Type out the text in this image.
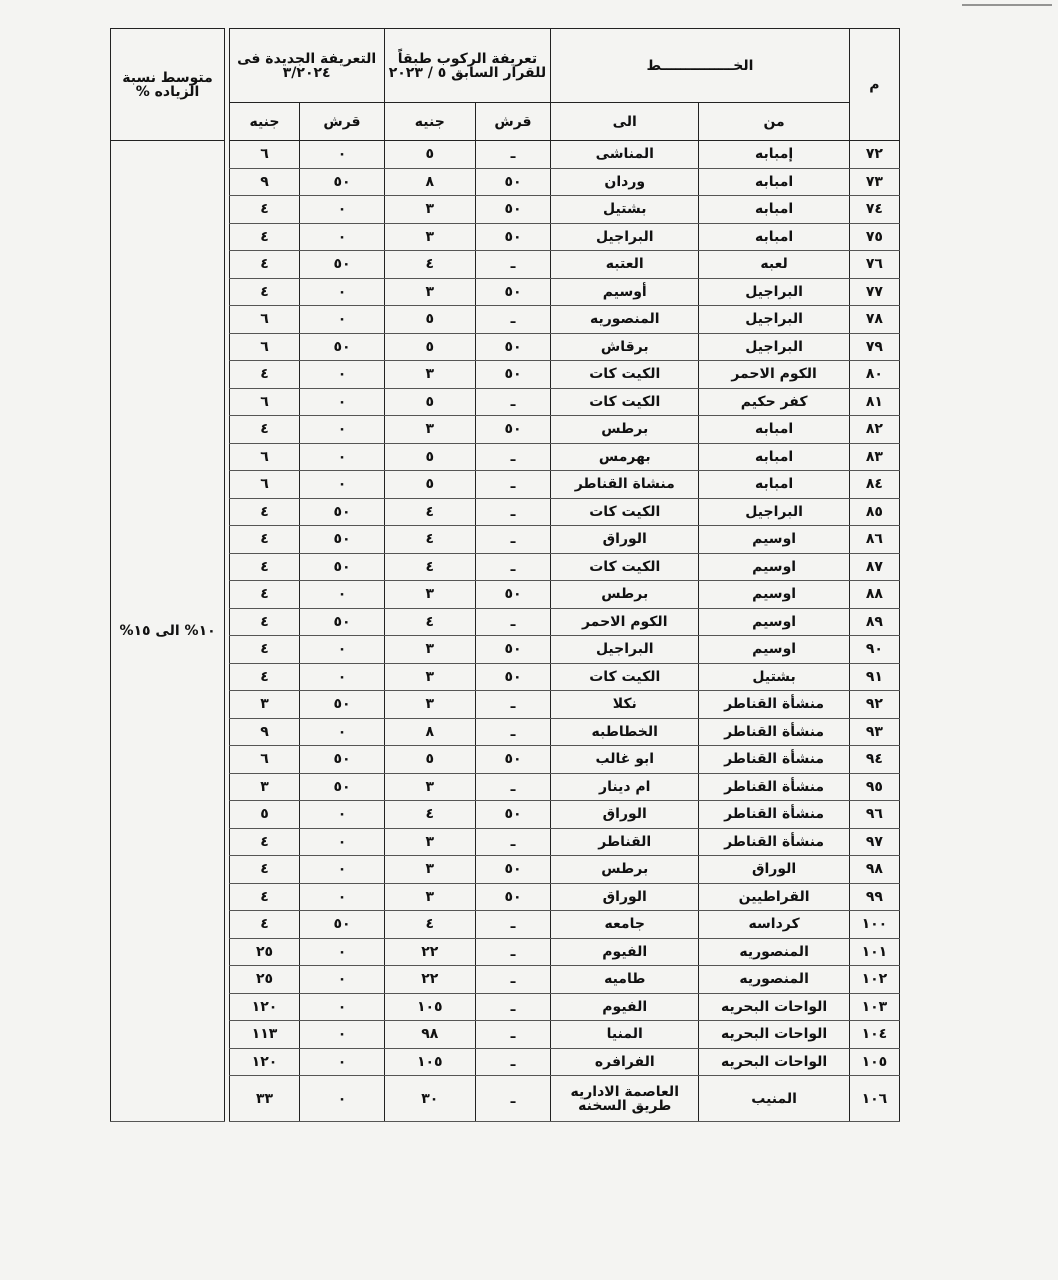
م	الخـــــــــــــــط		تعريفة الركوب طبقاً للقرار السابق ٥ / ٢٠٢٣		التعريفة الجديدة فى ٣/٢٠٢٤			متوسط نسبة الزياده %
	من	الى	قرش	جنيه	قرش	جنيه		
٧٢	إمبابه	المناشى	ـ	٥	٠	٦		١٠% الى ١٥%
٧٣	امبابه	وردان	٥٠	٨	٥٠	٩		
٧٤	امبابه	بشتيل	٥٠	٣	٠	٤		
٧٥	امبابه	البراجيل	٥٠	٣	٠	٤		
٧٦	لعبه	العتبه	ـ	٤	٥٠	٤		
٧٧	البراجيل	أوسيم	٥٠	٣	٠	٤		
٧٨	البراجيل	المنصوريه	ـ	٥	٠	٦		
٧٩	البراجيل	برقاش	٥٠	٥	٥٠	٦		
٨٠	الكوم الاحمر	الكيت كات	٥٠	٣	٠	٤		
٨١	كفر حكيم	الكيت كات	ـ	٥	٠	٦		
٨٢	امبابه	برطس	٥٠	٣	٠	٤		
٨٣	امبابه	بهرمس	ـ	٥	٠	٦		
٨٤	امبابه	منشاة القناطر	ـ	٥	٠	٦		
٨٥	البراجيل	الكيت كات	ـ	٤	٥٠	٤		
٨٦	اوسيم	الوراق	ـ	٤	٥٠	٤		
٨٧	اوسيم	الكيت كات	ـ	٤	٥٠	٤		
٨٨	اوسيم	برطس	٥٠	٣	٠	٤		
٨٩	اوسيم	الكوم الاحمر	ـ	٤	٥٠	٤		
٩٠	اوسيم	البراجيل	٥٠	٣	٠	٤		
٩١	بشتيل	الكيت كات	٥٠	٣	٠	٤		
٩٢	منشأة القناطر	نكلا	ـ	٣	٥٠	٣		
٩٣	منشأة القناطر	الخطاطبه	ـ	٨	٠	٩		
٩٤	منشأة القناطر	ابو غالب	٥٠	٥	٥٠	٦		
٩٥	منشأة القناطر	ام دينار	ـ	٣	٥٠	٣		
٩٦	منشأة القناطر	الوراق	٥٠	٤	٠	٥		
٩٧	منشأة القناطر	القناطر	ـ	٣	٠	٤		
٩٨	الوراق	برطس	٥٠	٣	٠	٤		
٩٩	القراطيين	الوراق	٥٠	٣	٠	٤		
١٠٠	كرداسه	جامعه	ـ	٤	٥٠	٤		
١٠١	المنصوريه	الفيوم	ـ	٢٢	٠	٢٥		
١٠٢	المنصوريه	طاميه	ـ	٢٢	٠	٢٥		
١٠٣	الواحات البحريه	الفيوم	ـ	١٠٥	٠	١٢٠		
١٠٤	الواحات البحريه	المنيا	ـ	٩٨	٠	١١٣		
١٠٥	الواحات البحريه	الفرافره	ـ	١٠٥	٠	١٢٠		
١٠٦	المنيب	العاصمة الاداريه طريق السخنه	ـ	٣٠	٠	٣٣		
